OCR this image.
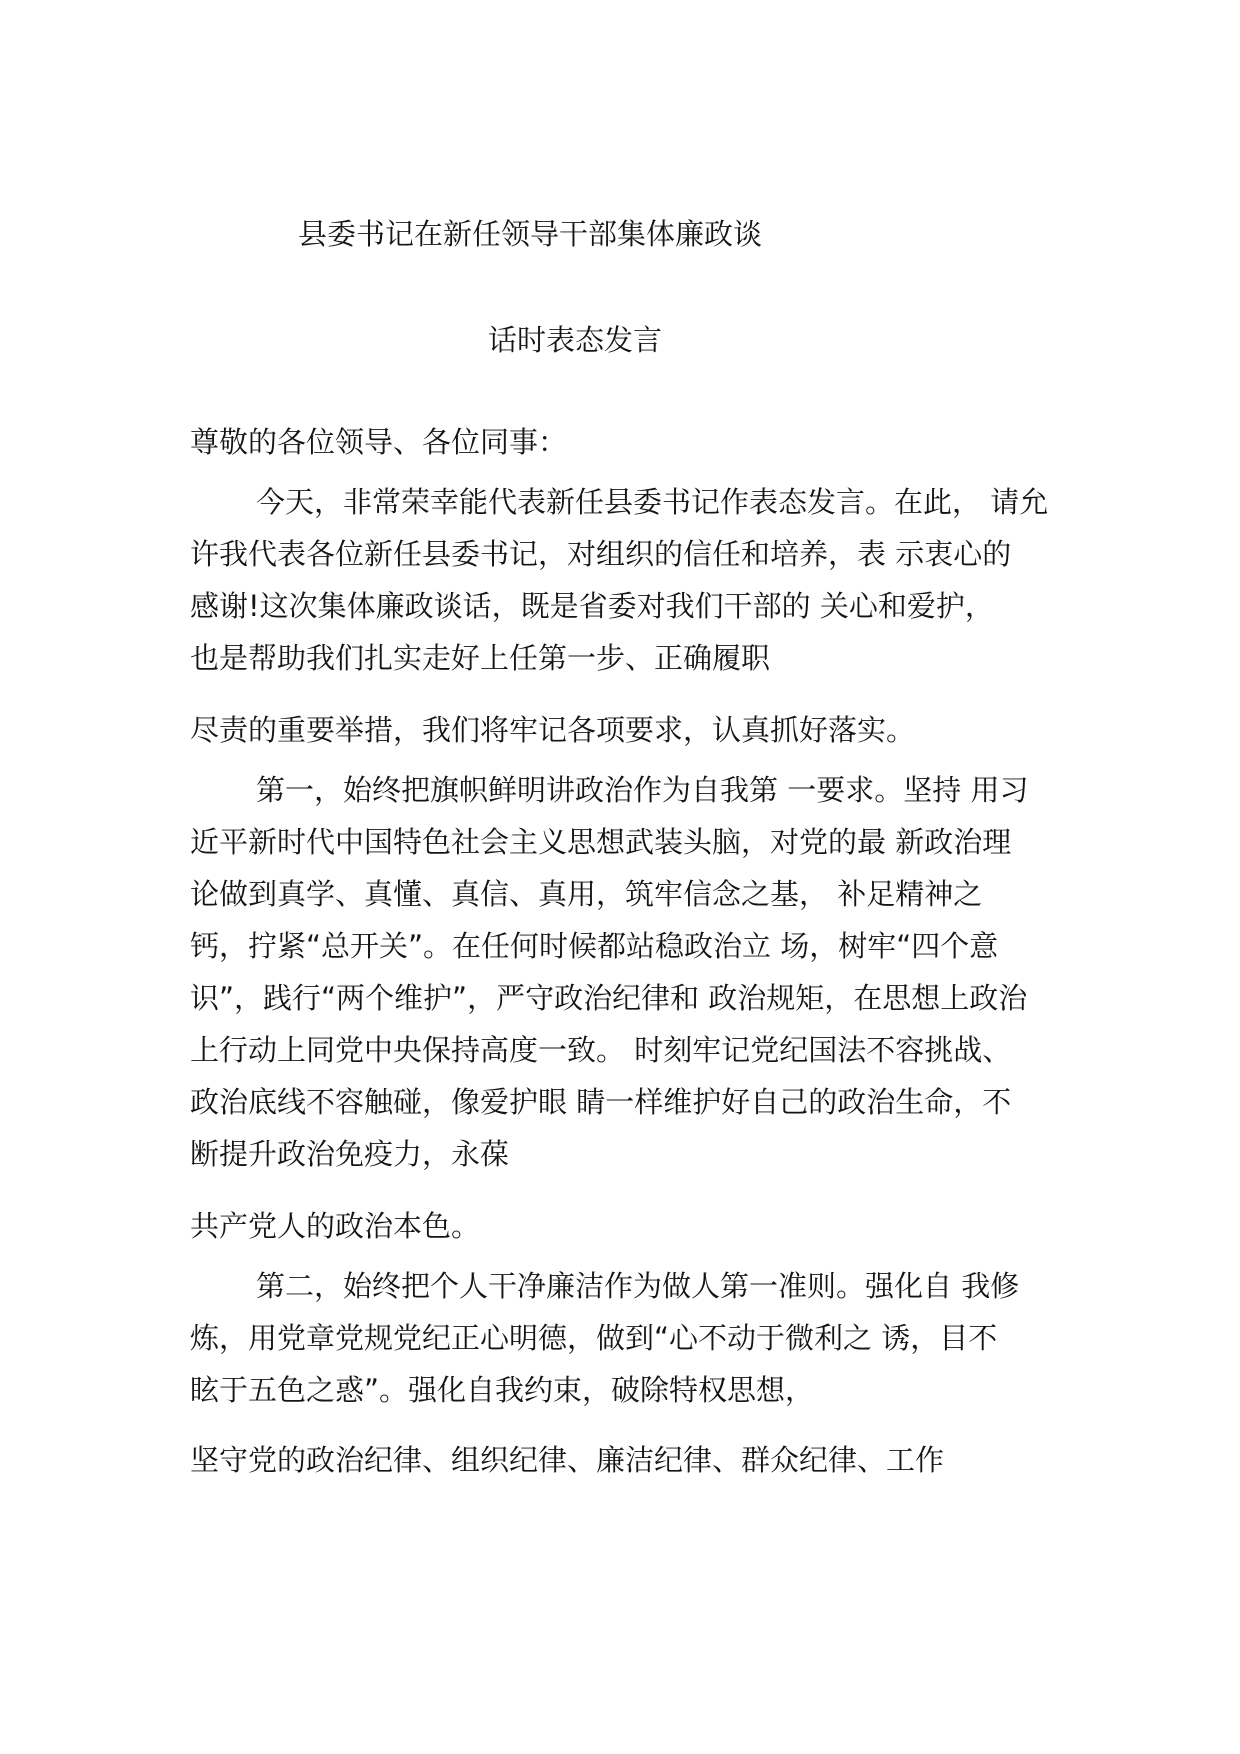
县委书记在新任领导干部集体廉政谈
话时表态发言
尊敬的各位领导、各位同事：
今天，非常荣幸能代表新任县委书记作表态发言。在此， 请允
许我代表各位新任县委书记，对组织的信任和培养，表 示衷心的
感谢!这次集体廉政谈话，既是省委对我们干部的 关心和爱护，
也是帮助我们扎实走好上任第一步、正确履职
尽责的重要举措，我们将牢记各项要求，认真抓好落实。
第一，始终把旗帜鲜明讲政治作为自我第 一要求。坚持 用习
近平新时代中国特色社会主义思想武装头脑，对党的最 新政治理
论做到真学、真懂、真信、真用，筑牢信念之基， 补足精神之
钙，拧紧“总开关”。在任何时候都站稳政治立 场，树牢“四个意
识”，践行“两个维护”，严守政治纪律和 政治规矩，在思想上政治
上行动上同党中央保持高度一致。 时刻牢记党纪国法不容挑战、
政治底线不容触碰，像爱护眼 睛一样维护好自己的政治生命，不
断提升政治免疫力，永葆
共产党人的政治本色。
第二，始终把个人干净廉洁作为做人第一准则。强化自 我修
炼，用党章党规党纪正心明德，做到“心不动于微利之 诱，目不
眩于五色之惑”。强化自我约束，破除特权思想，
坚守党的政治纪律、组织纪律、廉洁纪律、群众纪律、工作
